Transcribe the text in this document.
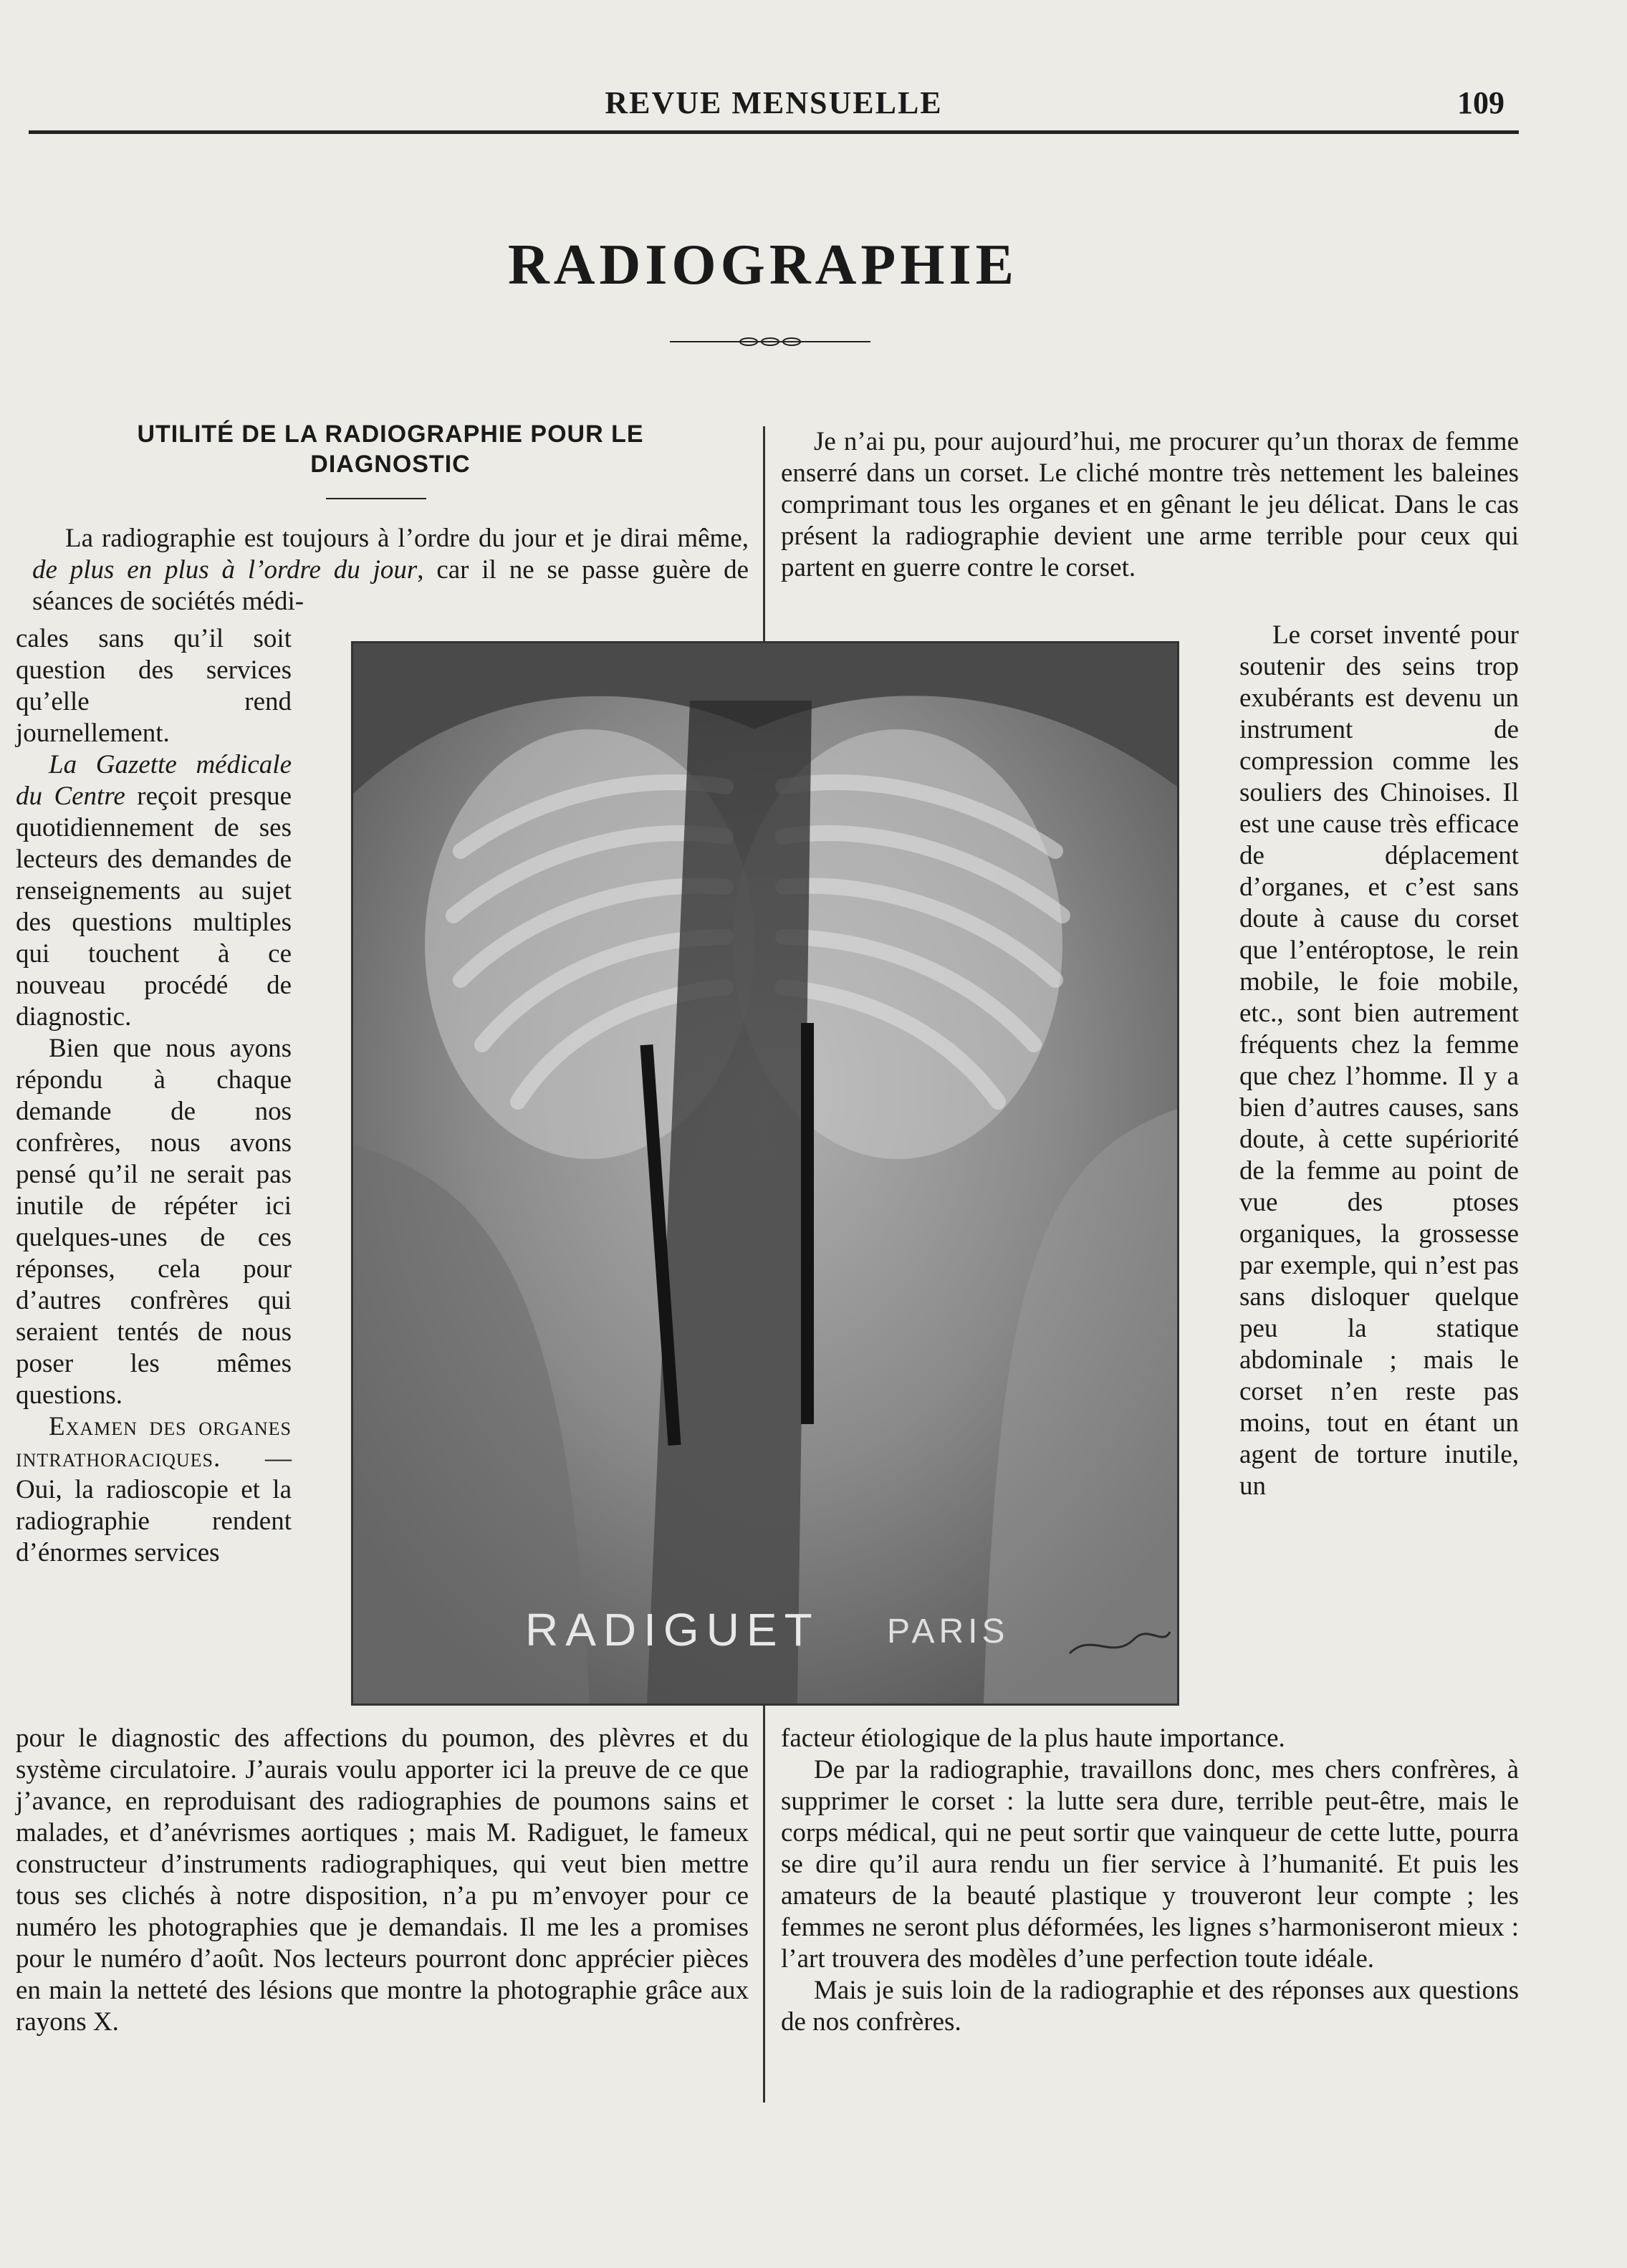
REVUE MENSUELLE	109
RADIOGRAPHIE
UTILITÉ DE LA RADIOGRAPHIE POUR LE
DIAGNOSTIC

La radiographie est toujours à l’ordre du jour et je dirai même, de plus en plus à l’ordre du jour, car il ne se passe guère de séances de sociétés médi-

cales sans qu’il soit question des services qu’elle rend journellement.

La Gazette médicale du Centre reçoit presque quotidiennement de ses lecteurs des demandes de renseignements au sujet des questions multiples qui touchent à ce nouveau procédé de diagnostic.

Bien que nous ayons répondu à chaque demande de nos confrères, nous avons pensé qu’il ne serait pas inutile de répéter ici quelques-unes de ces réponses, cela pour d’autres confrères qui seraient tentés de nous poser les mêmes questions.

Examen des organes intrathoraciques. — Oui, la radioscopie et la radiographie rendent d’énormes services

pour le diagnostic des affections du poumon, des plèvres et du système circulatoire. J’aurais voulu apporter ici la preuve de ce que j’avance, en reproduisant des radiographies de poumons sains et malades, et d’anévrismes aortiques ; mais M. Radiguet, le fameux constructeur d’instruments radiographiques, qui veut bien mettre tous ses clichés à notre disposition, n’a pu m’envoyer pour ce numéro les photographies que je demandais. Il me les a promises pour le numéro d’août. Nos lecteurs pourront donc apprécier pièces en main la netteté des lésions que montre la photographie grâce aux rayons X.

Je n’ai pu, pour aujourd’hui, me procurer qu’un thorax de femme enserré dans un corset. Le cliché montre très nettement les baleines comprimant tous les organes et en gênant le jeu délicat. Dans le cas présent la radiographie devient une arme terrible pour ceux qui partent en guerre contre le corset.

Le corset inventé pour soutenir des seins trop exubérants est devenu un instrument de compression comme les souliers des Chinoises. Il est une cause très efficace de déplacement d’organes, et c’est sans doute à cause du corset que l’entéroptose, le rein mobile, le foie mobile, etc., sont bien autrement fréquents chez la femme que chez l’homme. Il y a bien d’autres causes, sans doute, à cette supériorité de la femme au point de vue des ptoses organiques, la grossesse par exemple, qui n’est pas sans disloquer quelque peu la statique abdominale ; mais le corset n’en reste pas moins, tout en étant un agent de torture inutile, un

facteur étiologique de la plus haute importance.

De par la radiographie, travaillons donc, mes chers confrères, à supprimer le corset : la lutte sera dure, terrible peut-être, mais le corps médical, qui ne peut sortir que vainqueur de cette lutte, pourra se dire qu’il aura rendu un fier service à l’humanité. Et puis les amateurs de la beauté plastique y trouveront leur compte ; les femmes ne seront plus déformées, les lignes s’harmoniseront mieux : l’art trouvera des modèles d’une perfection toute idéale.

Mais je suis loin de la radiographie et des réponses aux questions de nos confrères.

RADIGUET PARIS
